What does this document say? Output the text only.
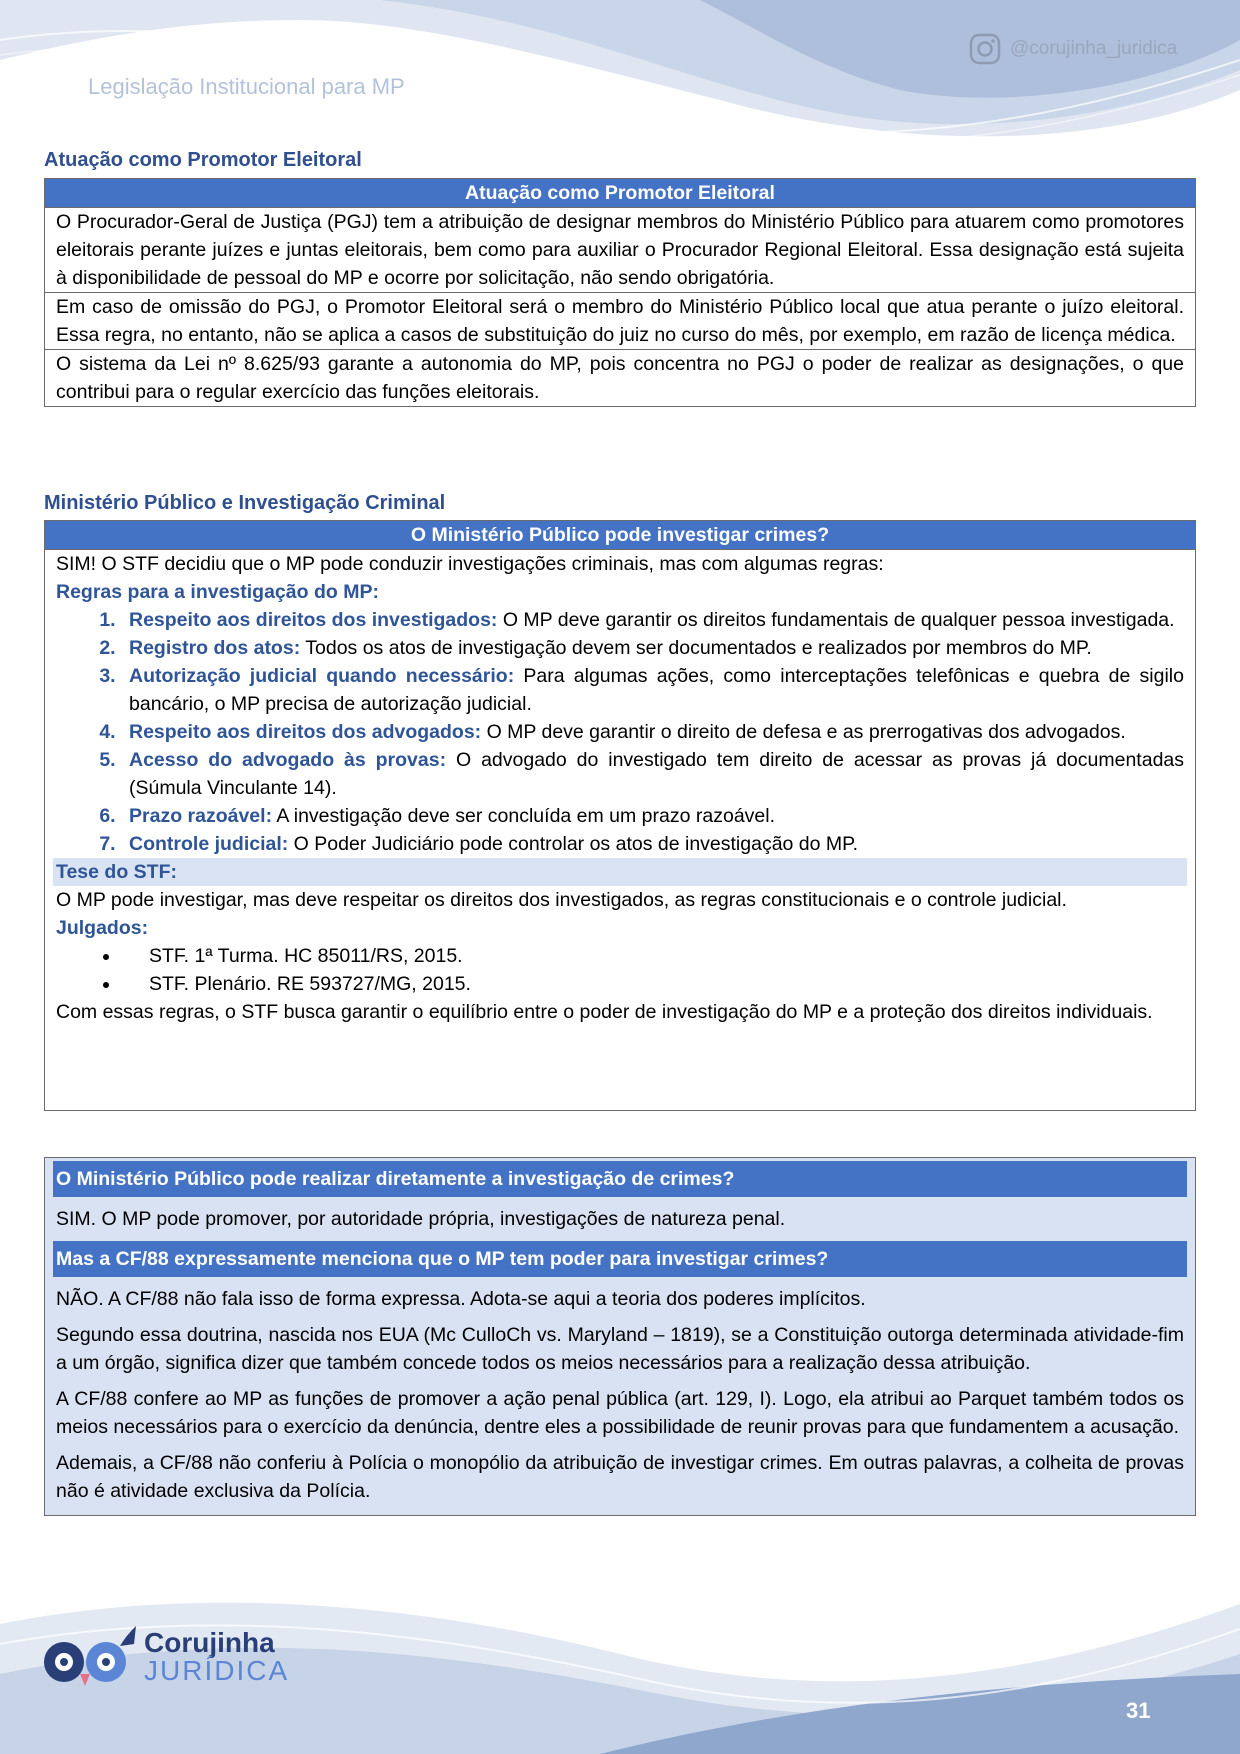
Legislação Institucional para MP
@corujinha_juridica
Atuação como Promotor Eleitoral
Atuação como Promotor Eleitoral
O Procurador-Geral de Justiça (PGJ) tem a atribuição de designar membros do Ministério Público para atuarem como promotores eleitorais perante juízes e juntas eleitorais, bem como para auxiliar o Procurador Regional Eleitoral. Essa designação está sujeita à disponibilidade de pessoal do MP e ocorre por solicitação, não sendo obrigatória.
Em caso de omissão do PGJ, o Promotor Eleitoral será o membro do Ministério Público local que atua perante o juízo eleitoral. Essa regra, no entanto, não se aplica a casos de substituição do juiz no curso do mês, por exemplo, em razão de licença médica.
O sistema da Lei nº 8.625/93 garante a autonomia do MP, pois concentra no PGJ o poder de realizar as designações, o que contribui para o regular exercício das funções eleitorais.
Ministério Público e Investigação Criminal
O Ministério Público pode investigar crimes?
SIM! O STF decidiu que o MP pode conduzir investigações criminais, mas com algumas regras:
Regras para a investigação do MP:
1. Respeito aos direitos dos investigados: O MP deve garantir os direitos fundamentais de qualquer pessoa investigada.
2. Registro dos atos: Todos os atos de investigação devem ser documentados e realizados por membros do MP.
3. Autorização judicial quando necessário: Para algumas ações, como interceptações telefônicas e quebra de sigilo bancário, o MP precisa de autorização judicial.
4. Respeito aos direitos dos advogados: O MP deve garantir o direito de defesa e as prerrogativas dos advogados.
5. Acesso do advogado às provas: O advogado do investigado tem direito de acessar as provas já documentadas (Súmula Vinculante 14).
6. Prazo razoável: A investigação deve ser concluída em um prazo razoável.
7. Controle judicial: O Poder Judiciário pode controlar os atos de investigação do MP.
Tese do STF:
O MP pode investigar, mas deve respeitar os direitos dos investigados, as regras constitucionais e o controle judicial.
Julgados:
• STF. 1ª Turma. HC 85011/RS, 2015.
• STF. Plenário. RE 593727/MG, 2015.
Com essas regras, o STF busca garantir o equilíbrio entre o poder de investigação do MP e a proteção dos direitos individuais.
O Ministério Público pode realizar diretamente a investigação de crimes?
SIM. O MP pode promover, por autoridade própria, investigações de natureza penal.
Mas a CF/88 expressamente menciona que o MP tem poder para investigar crimes?
NÃO. A CF/88 não fala isso de forma expressa. Adota-se aqui a teoria dos poderes implícitos.
Segundo essa doutrina, nascida nos EUA (Mc CulloCh vs. Maryland – 1819), se a Constituição outorga determinada atividade-fim a um órgão, significa dizer que também concede todos os meios necessários para a realização dessa atribuição.
A CF/88 confere ao MP as funções de promover a ação penal pública (art. 129, I). Logo, ela atribui ao Parquet também todos os meios necessários para o exercício da denúncia, dentre eles a possibilidade de reunir provas para que fundamentem a acusação.
Ademais, a CF/88 não conferiu à Polícia o monopólio da atribuição de investigar crimes. Em outras palavras, a colheita de provas não é atividade exclusiva da Polícia.
Corujinha
JURÍDICA
31
